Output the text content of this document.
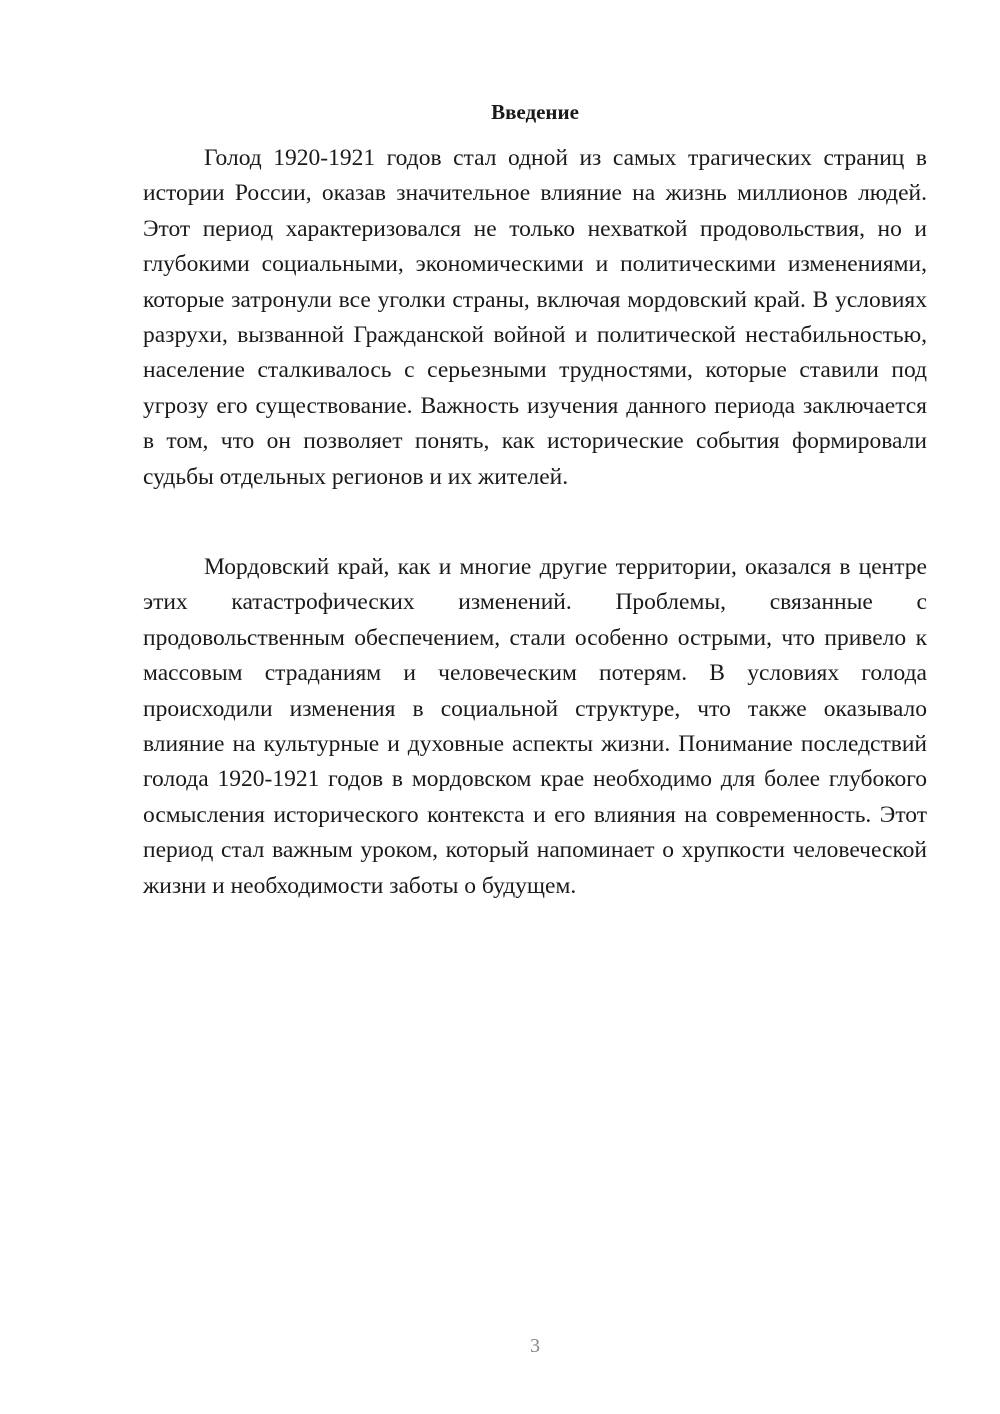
Введение

Голод 1920-1921 годов стал одной из самых трагических страниц в истории России, оказав значительное влияние на жизнь миллионов людей. Этот период характеризовался не только нехваткой продовольствия, но и глубокими социальными, экономическими и политическими изменениями, которые затронули все уголки страны, включая мордовский край. В условиях разрухи, вызванной Гражданской войной и политической нестабильностью, население сталкивалось с серьезными трудностями, которые ставили под угрозу его существование. Важность изучения данного периода заключается в том, что он позволяет понять, как исторические события формировали судьбы отдельных регионов и их жителей.

Мордовский край, как и многие другие территории, оказался в центре этих катастрофических изменений. Проблемы, связанные с продовольственным обеспечением, стали особенно острыми, что привело к массовым страданиям и человеческим потерям. В условиях голода происходили изменения в социальной структуре, что также оказывало влияние на культурные и духовные аспекты жизни. Понимание последствий голода 1920-1921 годов в мордовском крае необходимо для более глубокого осмысления исторического контекста и его влияния на современность. Этот период стал важным уроком, который напоминает о хрупкости человеческой жизни и необходимости заботы о будущем.

3
